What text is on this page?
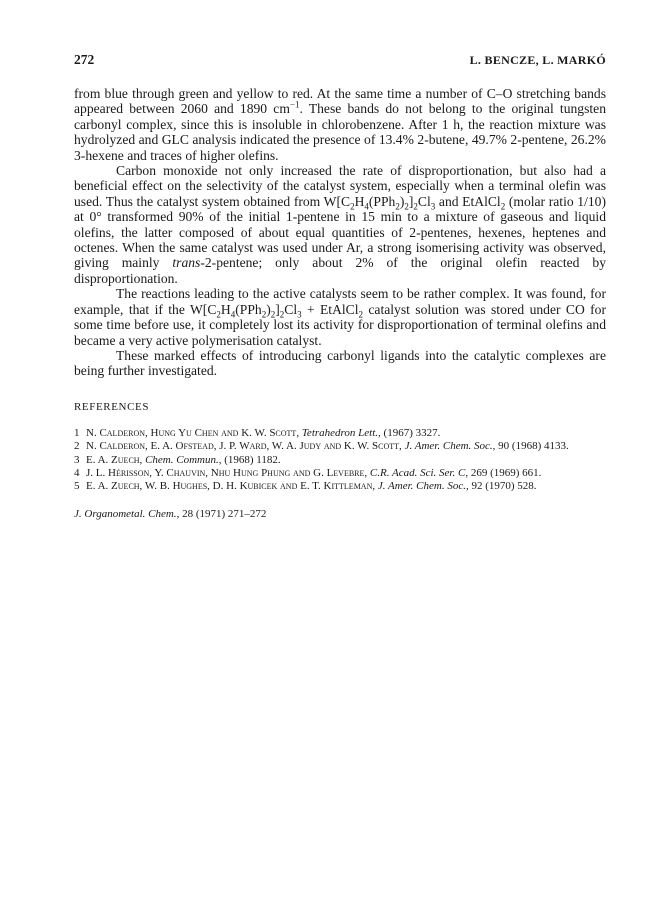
272	L. BENCZE, L. MARKÓ

from blue through green and yellow to red. At the same time a number of C–O stretching bands appeared between 2060 and 1890 $cm^{-1}$. These bands do not belong to the original tungsten carbonyl complex, since this is insoluble in chlorobenzene. After 1 h, the reaction mixture was hydrolyzed and GLC analysis indicated the presence of 13.4% 2-butene, 49.7% 2-pentene, 26.2% 3-hexene and traces of higher olefins.

Carbon monoxide not only increased the rate of disproportionation, but also had a beneficial effect on the selectivity of the catalyst system, especially when a terminal olefin was used. Thus the catalyst system obtained from $W[C_2H_4(PPh_2)_2]_2Cl_3$ and EtAlCl$_2$ (molar ratio 1/10) at 0° transformed 90% of the initial 1-pentene in 15 min to a mixture of gaseous and liquid olefins, the latter composed of about equal quantities of 2-pentenes, hexenes, heptenes and octenes. When the same catalyst was used under Ar, a strong isomerising activity was observed, giving mainly trans-2-pentene; only about 2% of the original olefin reacted by disproportionation.

The reactions leading to the active catalysts seem to be rather complex. It was found, for example, that if the $W[C_2H_4(PPh_2)_2]_2Cl_3$ + EtAlCl$_2$ catalyst solution was stored under CO for some time before use, it completely lost its activity for disproportionation of terminal olefins and became a very active polymerisation catalyst.

These marked effects of introducing carbonyl ligands into the catalytic complexes are being further investigated.

REFERENCES
1 N. Calderon, Hung Yu Chen and K. W. Scott, Tetrahedron Lett., (1967) 3327.
2 N. Calderon, E. A. Ofstead, J. P. Ward, W. A. Judy and K. W. Scott, J. Amer. Chem. Soc., 90 (1968) 4133.
3 E. A. Zuech, Chem. Commun., (1968) 1182.
4 J. L. Hérisson, Y. Chauvin, Nhu Hung Phung and G. Levebre, C.R. Acad. Sci. Ser. C, 269 (1969) 661.
5 E. A. Zuech, W. B. Hughes, D. H. Kubicek and E. T. Kittleman, J. Amer. Chem. Soc., 92 (1970) 528.
J. Organometal. Chem., 28 (1971) 271–272
